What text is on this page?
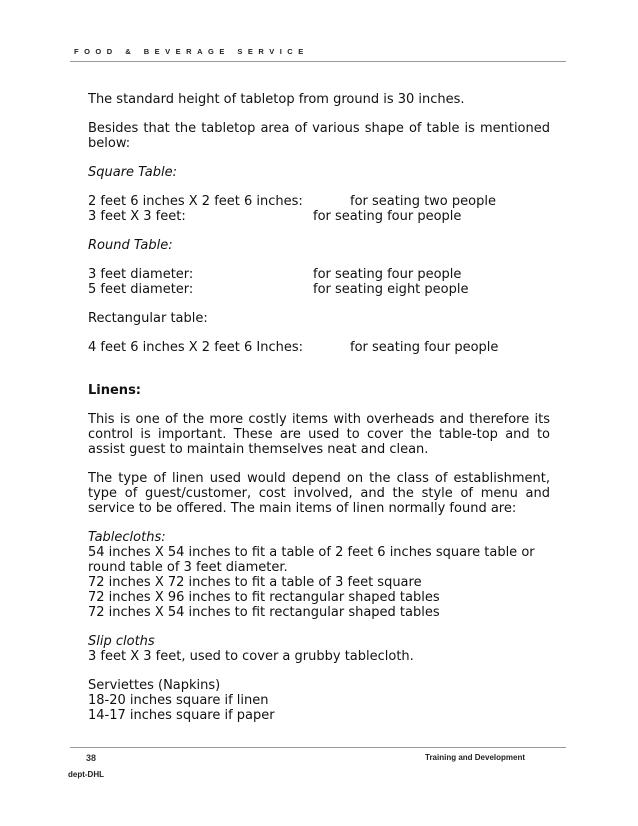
FOOD & BEVERAGE SERVICE

The standard height of tabletop from ground is 30 inches.

Besides that the tabletop area of various shape of table is mentioned below:

Square Table:

2 feet 6 inches X 2 feet 6 inches:	for seating two people
3 feet X 3 feet:	for seating four people

Round Table:

3 feet diameter:	for seating four people
5 feet diameter:	for seating eight people

Rectangular table:

4 feet 6 inches X 2 feet 6 Inches:	for seating four people

Linens:

This is one of the more costly items with overheads and therefore its control is important. These are used to cover the table-top and to assist guest to maintain themselves neat and clean.

The type of linen used would depend on the class of establishment, type of guest/customer, cost involved, and the style of menu and service to be offered. The main items of linen normally found are:

Tablecloths:

54 inches X 54 inches to fit a table of 2 feet 6 inches square table or round table of 3 feet diameter.

72 inches X 72 inches to fit a table of 3 feet square

72 inches X 96 inches to fit rectangular shaped tables

72 inches X 54 inches to fit rectangular shaped tables

Slip cloths

3 feet X 3 feet, used to cover a grubby tablecloth.

Serviettes (Napkins)

18-20 inches square if linen

14-17 inches square if paper

38	Training and Development
dept-DHL
